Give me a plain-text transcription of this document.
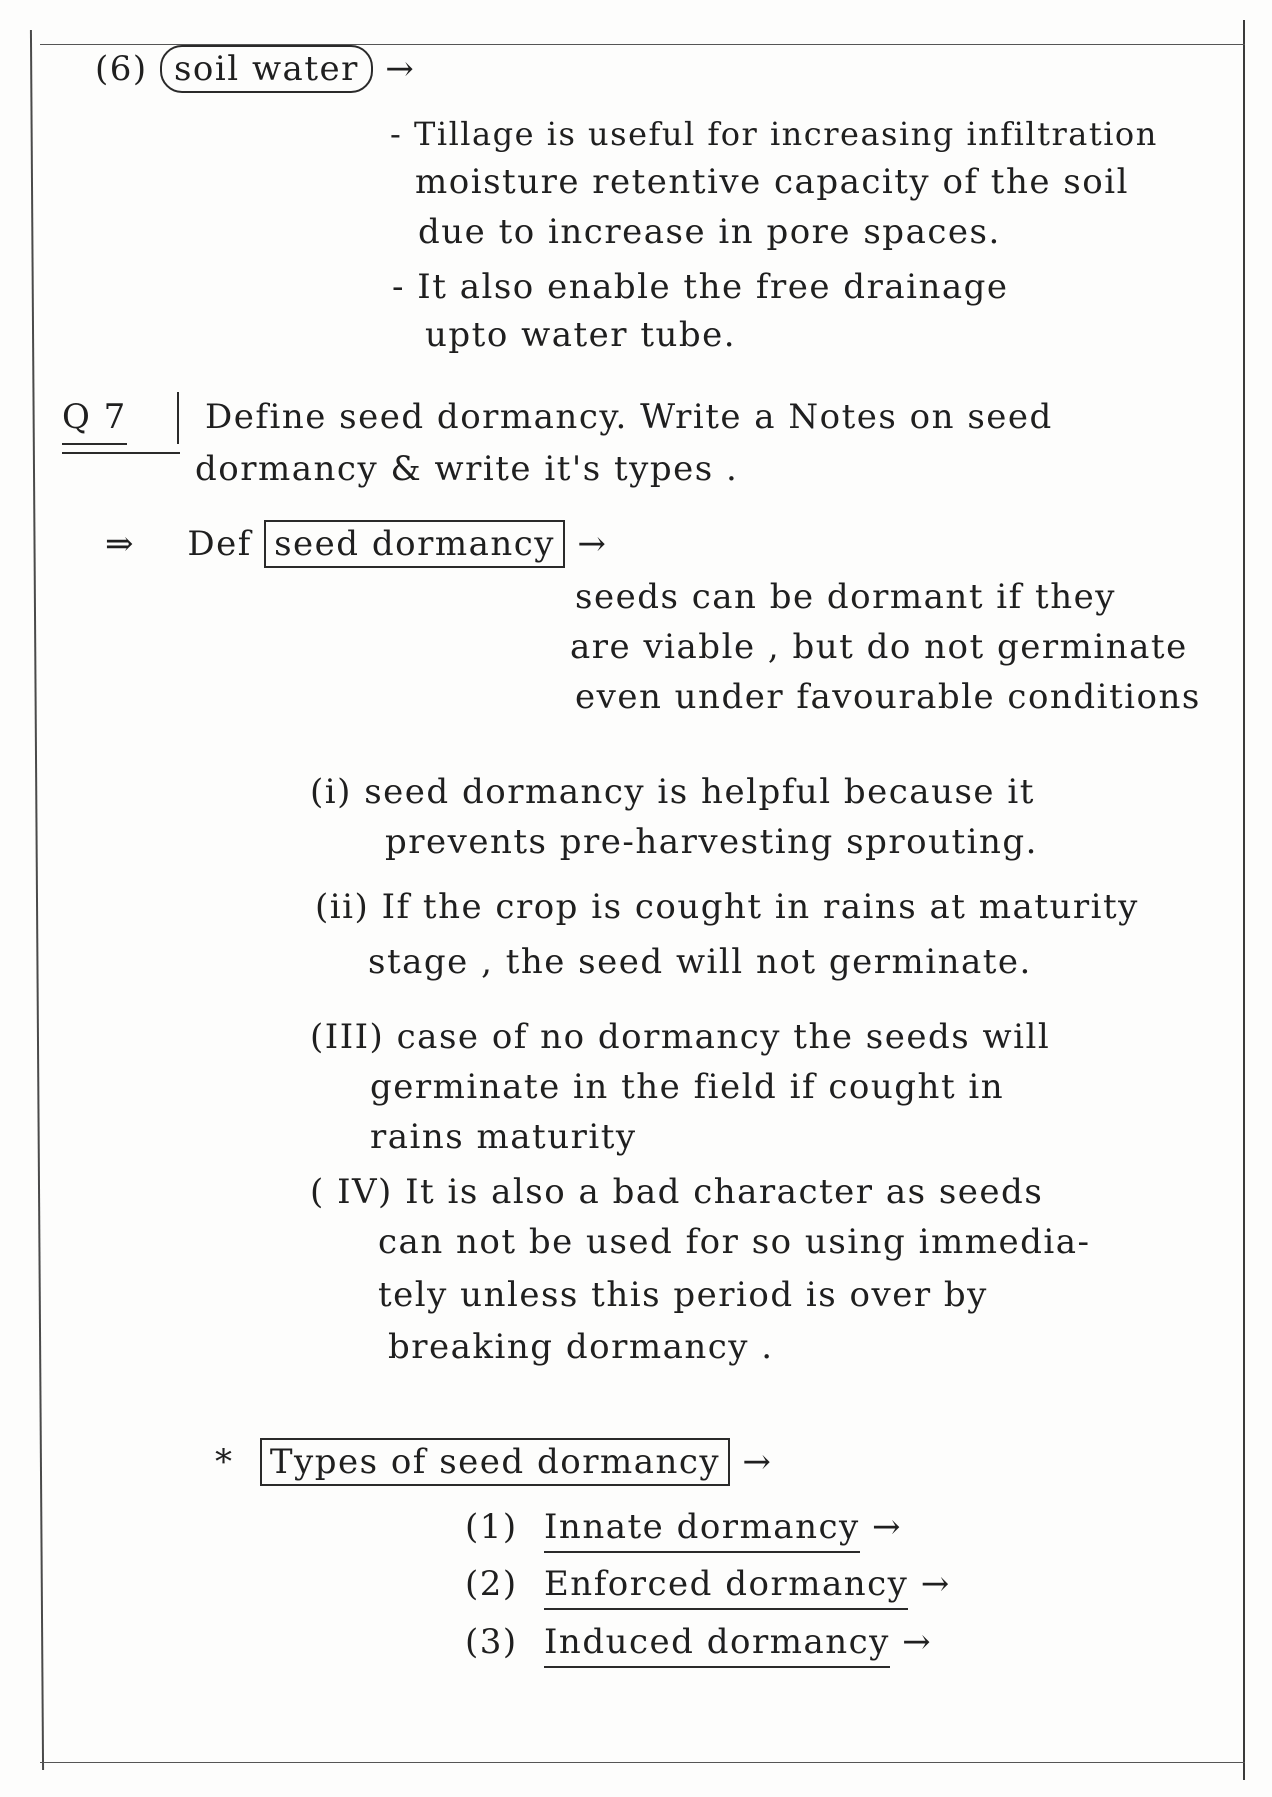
(6) soil water →
- Tillage is useful for increasing infiltration
moisture retentive capacity of the soil
due to increase in pore spaces.
- It also enable the free drainage
upto water tube.
Q 7 Define seed dormancy. Write a Notes on seed
dormancy & write it's types .
⇒ Def seed dormancy →
seeds can be dormant if they
are viable , but do not germinate
even under favourable conditions
(i) seed dormancy is helpful because it
prevents pre-harvesting sprouting.
(ii) If the crop is cought in rains at maturity
stage , the seed will not germinate.
(III) case of no dormancy the seeds will
germinate in the field if cought in
rains maturity
( IV) It is also a bad character as seeds
can not be used for so using immedia-
tely unless this period is over by
breaking dormancy .
* Types of seed dormancy →
(1) Innate dormancy →
(2) Enforced dormancy →
(3) Induced dormancy →
